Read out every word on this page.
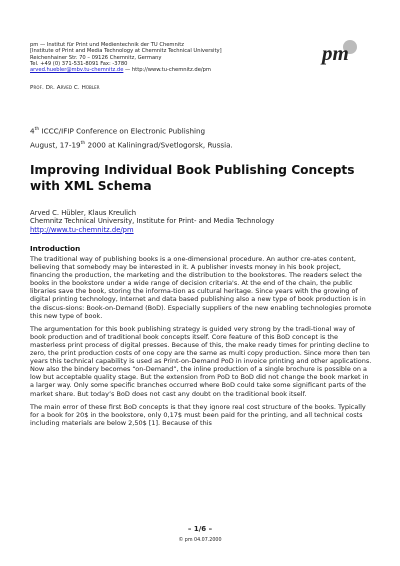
pm — Institut für Print und Medientechnik der TU Chemnitz
[Institute of Print and Media Technology at Chemnitz Technical University]
Reichenhainer Str. 70 – 09126 Chemnitz, Germany
Tel. +49 (0) 371-531-8091 Fax: -3780
arved.huebler@mbv.tu-chemnitz.de — http://www.tu-chemnitz.de/pm
pm
Prof. Dr. Arved C. Hübler
4th ICCC/IFIP Conference on Electronic Publishing
August, 17-19th 2000 at Kaliningrad/Svetlogorsk, Russia.
Improving Individual Book Publishing Concepts with XML Schema
Arved C. Hübler, Klaus Kreulich
Chemnitz Technical University, Institute for Print- and Media Technology
http://www.tu-chemnitz.de/pm
Introduction

The traditional way of publishing books is a one-dimensional procedure. An author cre-ates content, believing that somebody may be interested in it. A publisher invests money in his book project, financing the production, the marketing and the distribution to the bookstores. The readers select the books in the bookstore under a wide range of decision criteria's. At the end of the chain, the public libraries save the book, storing the informa-tion as cultural heritage. Since years with the growing of digital printing technology, Internet and data based publishing also a new type of book production is in the discus-sions: Book-on-Demand (BoD). Especially suppliers of the new enabling technologies promote this new type of book.

The argumentation for this book publishing strategy is guided very strong by the tradi-tional way of book production and of traditional book concepts itself. Core feature of this BoD concept is the masterless print process of digital presses. Because of this, the make ready times for printing decline to zero, the print production costs of one copy are the same as multi copy production. Since more then ten years this technical capability is used as Print-on-Demand PoD in invoice printing and other applications. Now also the bindery becomes “on-Demand”, the inline production of a single brochure is possible on a low but acceptable quality stage. But the extension from PoD to BoD did not change the book market in a larger way. Only some specific branches occurred where BoD could take some significant parts of the market share. But today’s BoD does not cast any doubt on the traditional book itself.

The main error of these first BoD concepts is that they ignore real cost structure of the books. Typically for a book for 20$ in the bookstore, only 0,17$ must been paid for the printing, and all technical costs including materials are below 2,50$ [1]. Because of this

– 1/6 –
© pm 04.07.2000
